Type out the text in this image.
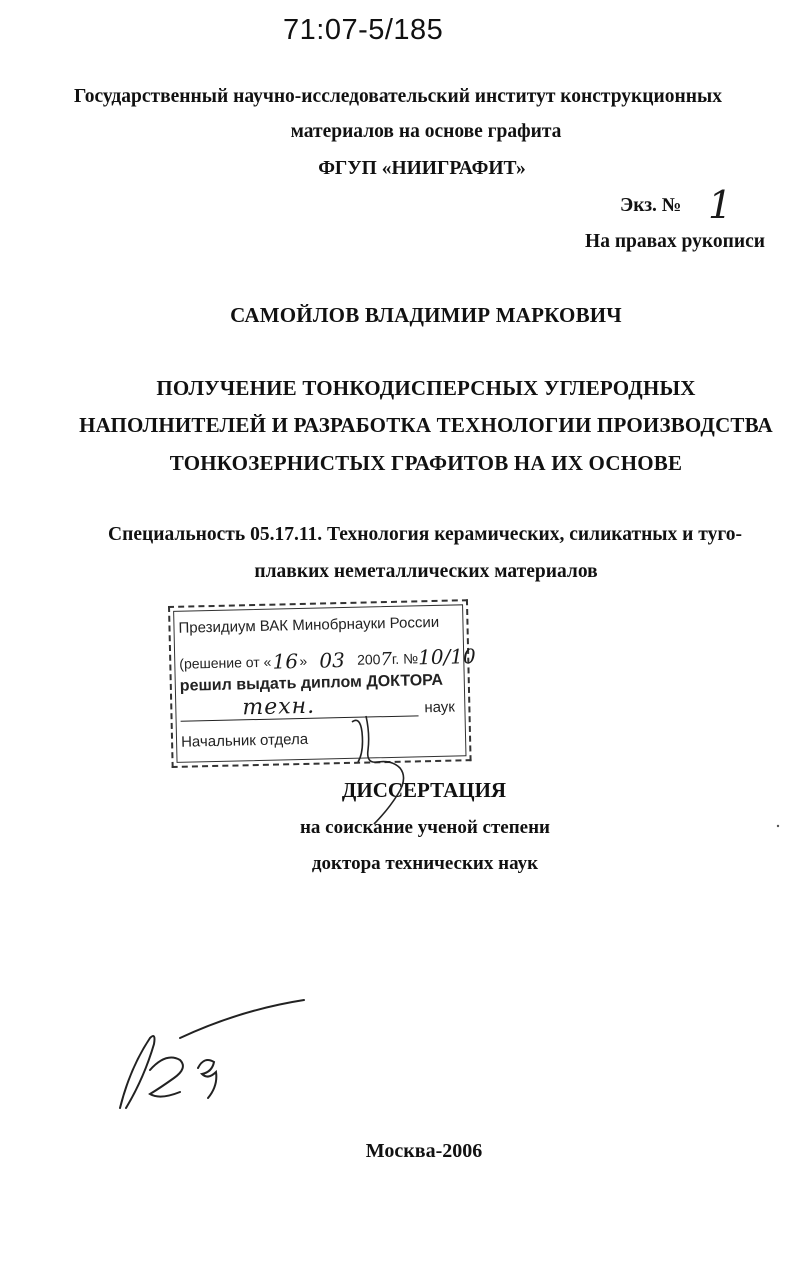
71:07-5/185
Государственный научно-исследовательский институт конструкционных
материалов на основе графита
ФГУП «НИИГРАФИТ»
Экз. № 1
На правах рукописи
САМОЙЛОВ ВЛАДИМИР МАРКОВИЧ
ПОЛУЧЕНИЕ ТОНКОДИСПЕРСНЫХ УГЛЕРОДНЫХ
НАПОЛНИТЕЛЕЙ И РАЗРАБОТКА ТЕХНОЛОГИИ ПРОИЗВОДСТВА
ТОНКОЗЕРНИСТЫХ ГРАФИТОВ НА ИХ ОСНОВЕ
Специальность 05.17.11. Технология керамических, силикатных и туго-
плавких неметаллических материалов
Президиум ВАК Минобрнауки России
(решение от «16» 03 2007г. №10/10
решил выдать диплом ДОКТОРА
техн.	наук
Начальник отдела
ДИССЕРТАЦИЯ
на соискание ученой степени
доктора технических наук
Москва-2006
